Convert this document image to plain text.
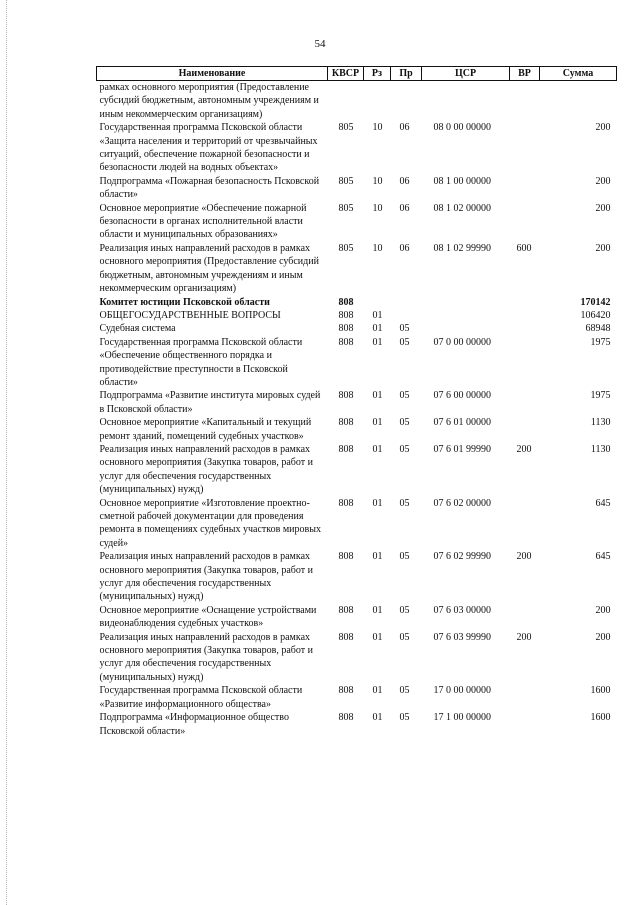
54
Наименование	КВСР	Рз	Пр	ЦСР	ВР	Сумма
рамках основного мероприятия (Предоставление субсидий бюджетным, автономным учреждениям и иным некоммерческим организациям)						
Государственная программа Псковской области «Защита населения и территорий от чрезвычайных ситуаций, обеспечение пожарной безопасности и безопасности людей на водных объектах»	805	10	06	08 0 00 00000		200
Подпрограмма «Пожарная безопасность Псковской области»	805	10	06	08 1 00 00000		200
Основное мероприятие «Обеспечение пожарной безопасности в органах исполнительной власти области и муниципальных образованиях»	805	10	06	08 1 02 00000		200
Реализация иных направлений расходов в рамках основного мероприятия (Предоставление субсидий бюджетным, автономным учреждениям и иным некоммерческим организациям)	805	10	06	08 1 02 99990	600	200
Комитет юстиции Псковской области	808					170142
ОБЩЕГОСУДАРСТВЕННЫЕ ВОПРОСЫ	808	01				106420
Судебная система	808	01	05			68948
Государственная программа Псковской области «Обеспечение общественного порядка и противодействие преступности в Псковской области»	808	01	05	07 0 00 00000		1975
Подпрограмма «Развитие института мировых судей в Псковской области»	808	01	05	07 6 00 00000		1975
Основное мероприятие «Капитальный и текущий ремонт зданий, помещений судебных участков»	808	01	05	07 6 01 00000		1130
Реализация иных направлений расходов в рамках основного мероприятия (Закупка товаров, работ и услуг для обеспечения государственных (муниципальных) нужд)	808	01	05	07 6 01 99990	200	1130
Основное мероприятие «Изготовление проектно-сметной рабочей документации для проведения ремонта в помещениях судебных участков мировых судей»	808	01	05	07 6 02 00000		645
Реализация иных направлений расходов в рамках основного мероприятия (Закупка товаров, работ и услуг для обеспечения государственных (муниципальных) нужд)	808	01	05	07 6 02 99990	200	645
Основное мероприятие «Оснащение устройствами видеонаблюдения судебных участков»	808	01	05	07 6 03 00000		200
Реализация иных направлений расходов в рамках основного мероприятия (Закупка товаров, работ и услуг для обеспечения государственных (муниципальных) нужд)	808	01	05	07 6 03 99990	200	200
Государственная программа Псковской области «Развитие информационного общества»	808	01	05	17 0 00 00000		1600
Подпрограмма «Информационное общество Псковской области»	808	01	05	17 1 00 00000		1600
